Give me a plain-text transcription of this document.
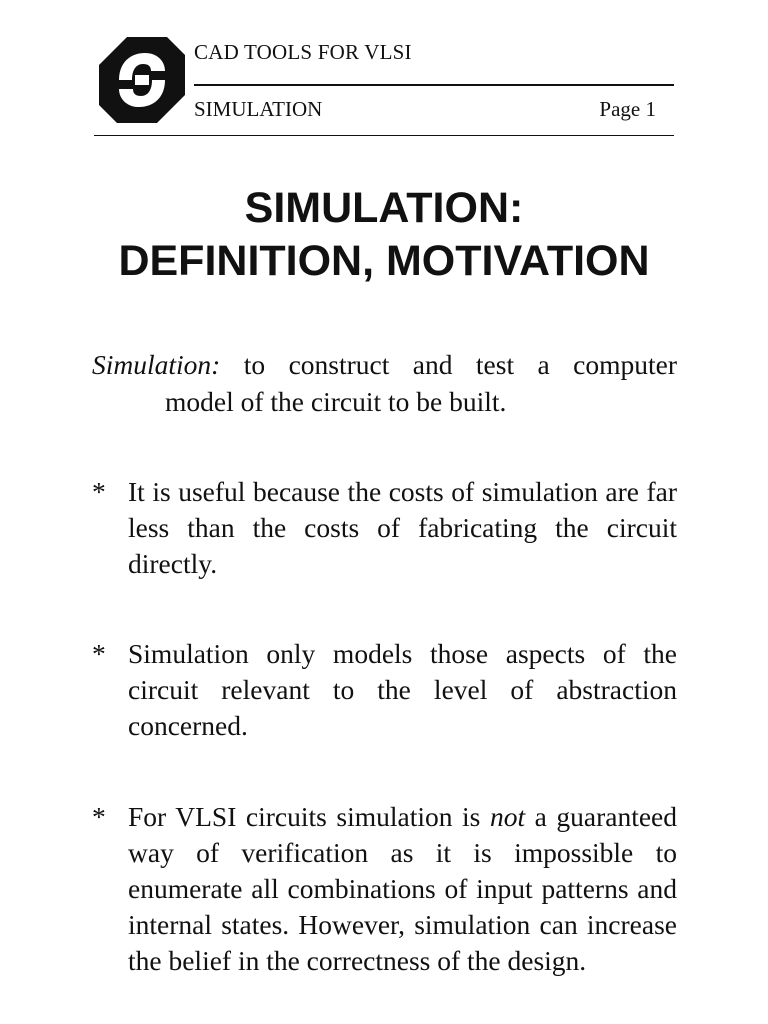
CAD TOOLS FOR VLSI
SIMULATION	Page 1
SIMULATION:
DEFINITION, MOTIVATION
Simulation: to construct and test a computer
model of the circuit to be built.
* It is useful because the costs of simulation are far less than the costs of fabricating the circuit directly.
* Simulation only models those aspects of the circuit relevant to the level of abstraction concerned.
* For VLSI circuits simulation is not a guaranteed way of verification as it is impossible to enumerate all combinations of input patterns and internal states. However, simulation can increase the belief in the correctness of the design.
